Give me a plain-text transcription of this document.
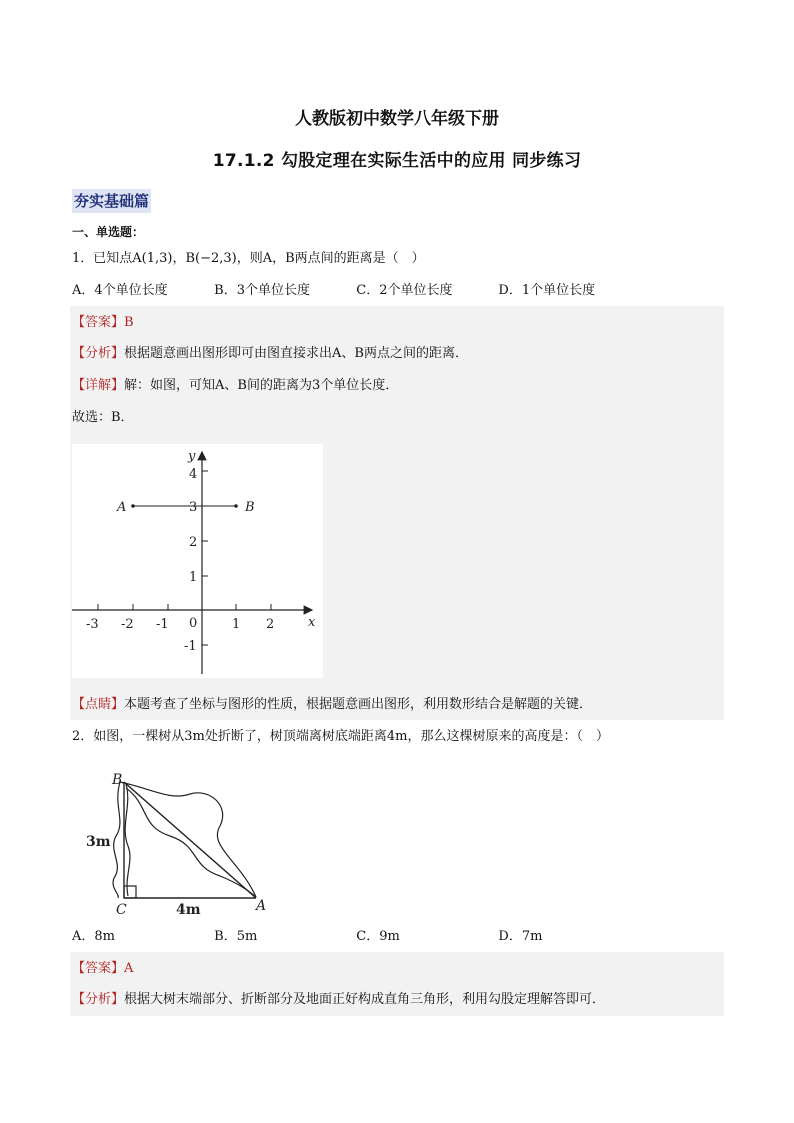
人教版初中数学八年级下册
17.1.2 勾股定理在实际生活中的应用 同步练习
夯实基础篇
一、单选题：
1．已知点A(1,3)，B(−2,3)，则A，B两点间的距离是（　）
A．4个单位长度	B．3个单位长度	C．2个单位长度	D．1个单位长度
【答案】B
【分析】根据题意画出图形即可由图直接求出A、B两点之间的距离．
【详解】解：如图，可知A、B间的距离为3个单位长度．
故选：B．
4
3
2
1
-1
-3 -2 -1 0	1 2	x
y
A	B
【点睛】本题考查了坐标与图形的性质，根据题意画出图形，利用数形结合是解题的关键．
2．如图，一棵树从3m处折断了，树顶端离树底端距离4m，那么这棵树原来的高度是：（　）
B
C	A
3m
4m
A．8m	B．5m	C．9m	D．7m
【答案】A
【分析】根据大树末端部分、折断部分及地面正好构成直角三角形，利用勾股定理解答即可．
